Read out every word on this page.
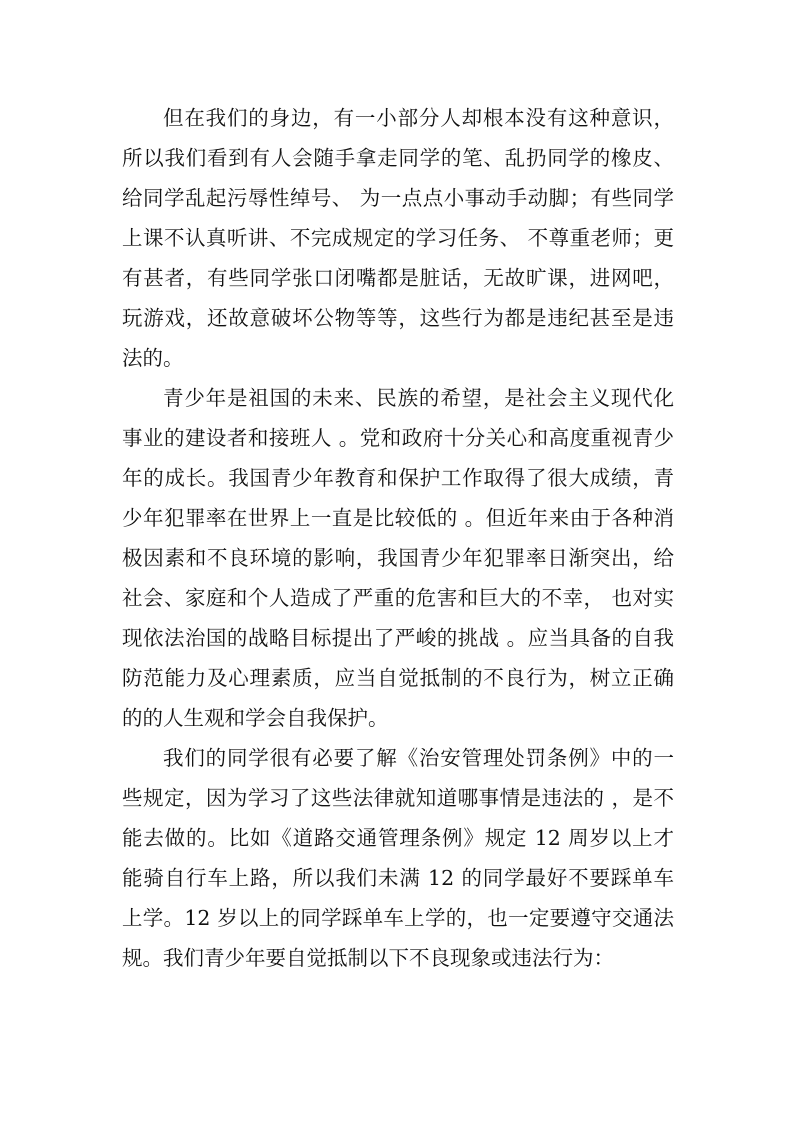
但在我们的身边，有一小部分人却根本没有这种意识，
所以我们看到有人会随手拿走同学的笔、乱扔同学的橡皮、
给同学乱起污辱性绰号、 为一点点小事动手动脚；有些同学
上课不认真听讲、不完成规定的学习任务、 不尊重老师；更
有甚者，有些同学张口闭嘴都是脏话，无故旷课，进网吧，
玩游戏，还故意破坏公物等等，这些行为都是违纪甚至是违
法的。
青少年是祖国的未来、民族的希望，是社会主义现代化
事业的建设者和接班人 。党和政府十分关心和高度重视青少
年的成长。我国青少年教育和保护工作取得了很大成绩，青
少年犯罪率在世界上一直是比较低的 。但近年来由于各种消
极因素和不良环境的影响，我国青少年犯罪率日渐突出，给
社会、家庭和个人造成了严重的危害和巨大的不幸， 也对实
现依法治国的战略目标提出了严峻的挑战 。应当具备的自我
防范能力及心理素质，应当自觉抵制的不良行为，树立正确
的的人生观和学会自我保护。
我们的同学很有必要了解《治安管理处罚条例》中的一
些规定，因为学习了这些法律就知道哪事情是违法的 ，是不
能去做的。比如《道路交通管理条例》规定 12 周岁以上才
能骑自行车上路，所以我们未满 12 的同学最好不要踩单车
上学。12 岁以上的同学踩单车上学的，也一定要遵守交通法
规。我们青少年要自觉抵制以下不良现象或违法行为：
